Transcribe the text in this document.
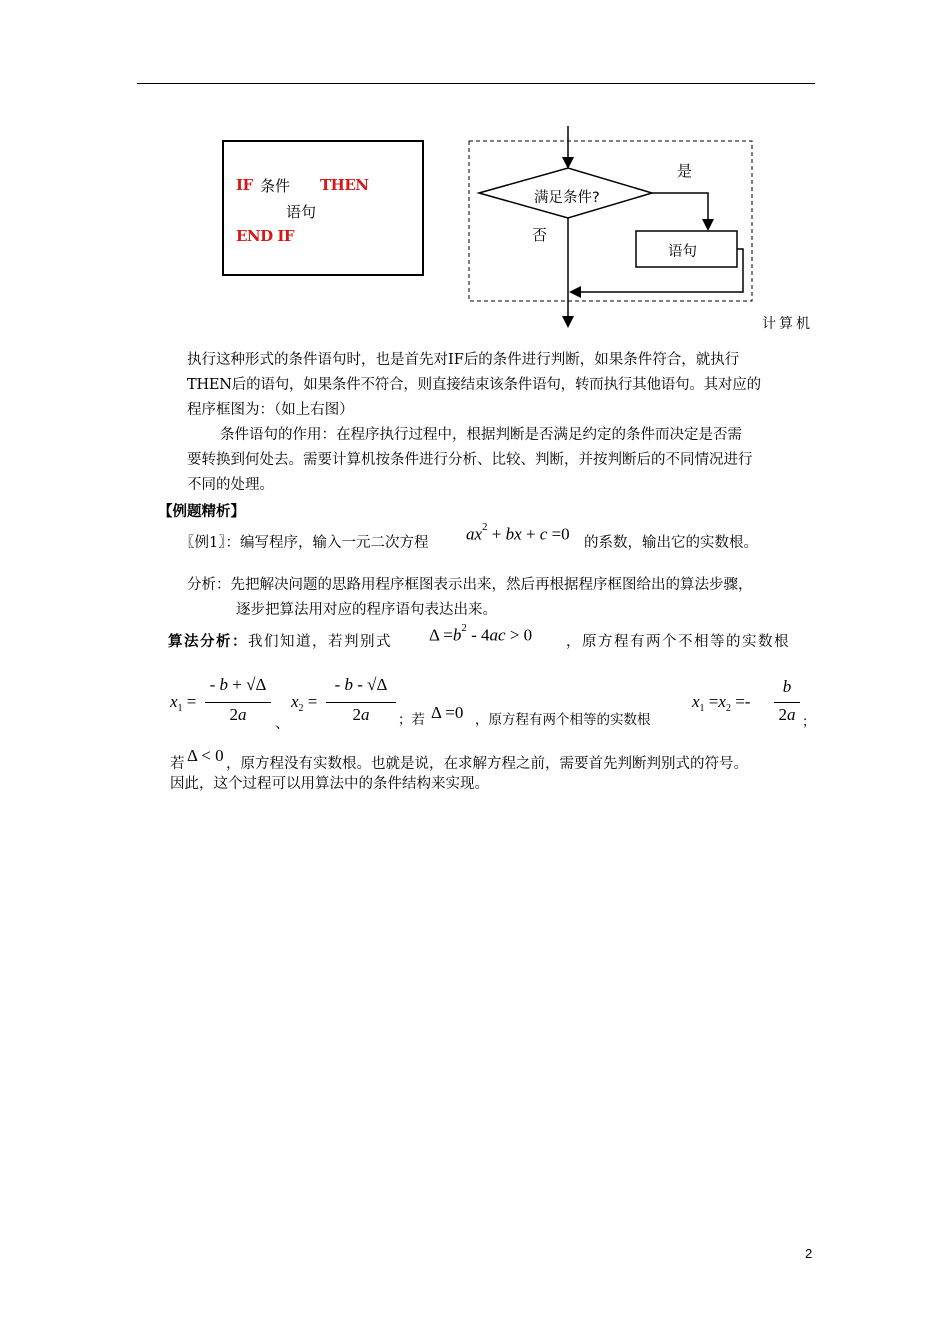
IF 条件 THEN
语句
END IF
满足条件?
是
否
语句
计算机
执行这种形式的条件语句时，也是首先对IF后的条件进行判断，如果条件符合，就执行
THEN后的语句，如果条件不符合，则直接结束该条件语句，转而执行其他语句。其对应的
程序框图为：（如上右图）
条件语句的作用：在程序执行过程中，根据判断是否满足约定的条件而决定是否需
要转换到何处去。需要计算机按条件进行分析、比较、判断，并按判断后的不同情况进行
不同的处理。
【例题精析】
〖例1〗：编写程序，输入一元二次方程 $ax^2$ + bx + c =0 的系数，输出它的实数根。
分析：先把解决问题的思路用程序框图表示出来，然后再根据程序框图给出的算法步骤，
逐步把算法用对应的程序语句表达出来。
算法分析：我们知道，若判别式 $\Delta =b^2 - 4ac > 0$ ，原方程有两个不相等的实数根
$x_1$ =
- b + √Δ
2a	、
$x_2$ =
- b - √Δ
2a	；若 Δ =0 ，原方程有两个相等的实数根
$x_1 =x_2$ =-
b
2a ；
若 Δ < 0 ，原方程没有实数根。也就是说，在求解方程之前，需要首先判断判别式的符号。
因此，这个过程可以用算法中的条件结构来实现。
2
